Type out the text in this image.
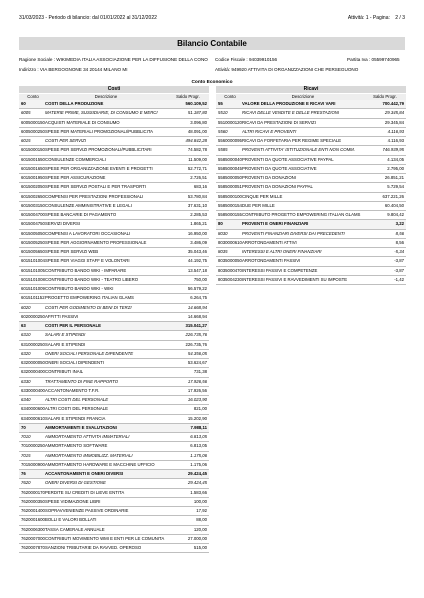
31/03/2023 - Periodo di bilancio: dal 01/01/2022 al 31/12/2022	Attività: 1 - Pagina: 2 / 3
Bilancio Contabile
Ragione Sociale : WIKIMEDIA ITALIA ASSOCIAZIONE PER LA DIFFUSIONE DELLA CONO Codice Fiscale : 94039910156	Partita Iva : 05599740965
Indirizzo : VIA BERGOGNONE 34 20144 MILANO MI	Attività: 949920 ATTIVITA DI ORGANIZZAZIONI CHE PERSEGUONO
Conto Economico
Costi
Conto	Descrizione	Saldo Progr.
60	COSTI DELLA PRODUZIONE	560.109,52
6005	MATERIE PRIME, SUSSIDIARIE, DI CONSUMO E MERCI	51.187,80
6005000150 ACQUISTI MATERIALE DI CONSUMO	3.096,80
6005000250 SPESE PER MATERIALI PROMOZIONALI/PUBBLICITA	48.091,00
6015	COSTI PER SERVIZI	494.842,28
6015000150 SPESE PER SERVIZI PROMOZIONALI/PUBBLICITARI	74.582,78
6015001550 CONSULENZE COMMERCIALI	11.509,00
6015001650 SPESE PER ORGANIZZAZIONE EVENTI E PROGETTI	52.772,71
6015001950 SPESE PER ASSICURAZIONE	2.726,51
6015002050 SPESE PER SERVIZI POSTALI E PER TRASPORTI	683,16
6015002650 COMPENSI PER PRESTAZIONI PROFESSIONALI	53.780,84
6015003150 CONSULENZE AMMINISTRATIVE E LEGALI	37.631,10
6015004700 SPESE BANCARIE DI PAGAMENTO	2.285,53
6015004750 SERVIZI DIVERSI	1.865,21
6015005050 COMPENSI A LAVORATORI OCCASIONALI	16.950,00
6015005250 SPESE PER AGGIORNAMENTO PROFESSIONALE	3.486,09
6015005650 SPESE PER SERVIZI WEB	35.043,46
6015101004 SPESE PER VIAGGI STAFF E VOLONTARI	44.192,75
6015101005 CONTRIBUTO BANDO WIKI - IMPARARE	13.547,18
6015101008 CONTRIBUTO BANDO WIKI - TEATRO LIBERO	750,00
6015101009 CONTRIBUTO BANDO WIKI - WIKI	56.579,22
6015101152 PROGETTO EMPOWERING ITALIAN GLAMS	6.264,75
6020	COSTI PER GODIMENTO DI BENI DI TERZI	14.668,94
6020000250 AFFITTI PASSIVI	14.668,94
63	COSTI PER IL PERSONALE	315.041,27
6310	SALARI E STIPENDI	226.735,76
6310000250 SALARI E STIPENDI	226.735,76
6320	ONERI SOCIALI PERSONALE DIPENDENTE	54.356,05
6320000050 ONERI SOCIALI DIPENDENTI	53.624,67
6320000400 CONTRIBUTI INAIL	731,38
6330	TRATTAMENTO DI FINE RAPPORTO	17.926,56
6330000400 ACCANTONAMENTO T.F.R.	17.926,56
6340	ALTRI COSTI DEL PERSONALE	16.023,90
6340000600 ALTRI COSTI DEL PERSONALE	821,00
6340000610 SALARI E STIPENDI FRANCIA	15.202,90
70	AMMORTAMENTI E SVALUTAZIONI	7.988,11
7010	AMMORTAMENTO ATTIVITA IMMATERIALI	6.813,05
7010000250 AMMORTAMENTO SOFTWARE	6.813,05
7015	AMMORTAMENTO IMMOBILIZZ. MATERIALI	1.175,06
7015000900 AMMORTAMENTO HARDWARE E MACCHINE UFFICIO	1.175,06
76	ACCANTONAMENTI E ONERI DIVERSI	29.424,45
7620	ONERI DIVERSI DI GESTIONE	29.424,45
7620000170 PERDITE SU CREDITI DI LIEVE ENTITA	1.583,66
7620000350 SPESE VIDIMAZIONE LIBRI	100,00
7620001400 SOPRAVVENIENZE PASSIVE ORDINARIE	17,92
7620001600 BOLLI E VALORI BOLLATI	88,00
7620006300 TASSA CAMERALE ANNUALE	120,00
7620007000 CONTRIBUTI MOVIMENTO WMI E ENTI PER LE COMUNITA	27.000,00
7620007870 SANZIONI TRIBUTARIE DA RAVVED. OPEROSO	515,00
Ricavi
Conto	Descrizione	Saldo Progr.
55	VALORE DELLA PRODUZIONE E RICAVI VARI	700.442,79
5510	RICAVI DELLE VENDITE E DELLE PRESTAZIONI	29.345,84
5510000120 RICAVI DA PRESTAZIONI DI SERVIZI	29.345,84
5560	ALTRI RICAVI E PROVENTI	4.116,93
5560000095 RICAVI DA FORFETARIA PER REGIME SPECIALE	4.116,93
5585	PROVENTI ATTIVITA' ISTITUZIONALE ENTI NON COMM.	746.939,95
5585000040 PROVENTI DA QUOTE ASSOCIATIVE PAYPAL	4.134,05
5585000045 PROVENTI DA QUOTE ASSOCIATIVE	2.795,00
5585000050 PROVENTI DA DONAZIONI	26.851,21
5585000051 PROVENTI DA DONAZIONI PAYPAL	5.729,54
5585000100 CINQUE PER MILLE	637.221,26
5585000154 DUE PER MILLE	60.404,50
5585000155 CONTRIBUTO PROGETTO EMPOWERING ITALIAN GLAMS	9.804,42
80	PROVENTI E ONERI FINANZIARI	3,22
8030	PROVENTI FINANZIARI DIVERSI DAI PRECEDENTI	8,56
8030000610 ARROTONDAMENTI ATTIVI	8,56
8035	INTERESSI E ALTRI ONERI FINANZIARI	-5,34
8035000050 ARROTONDAMENTI PASSIVI	-3,87
8035000470 INTERESSI PASSIVI E COMPETENZE	-3,87
8035004230 INTERESSI PASSIVI E RAVVEDIMENTI SU IMPOSTE	-1,42
